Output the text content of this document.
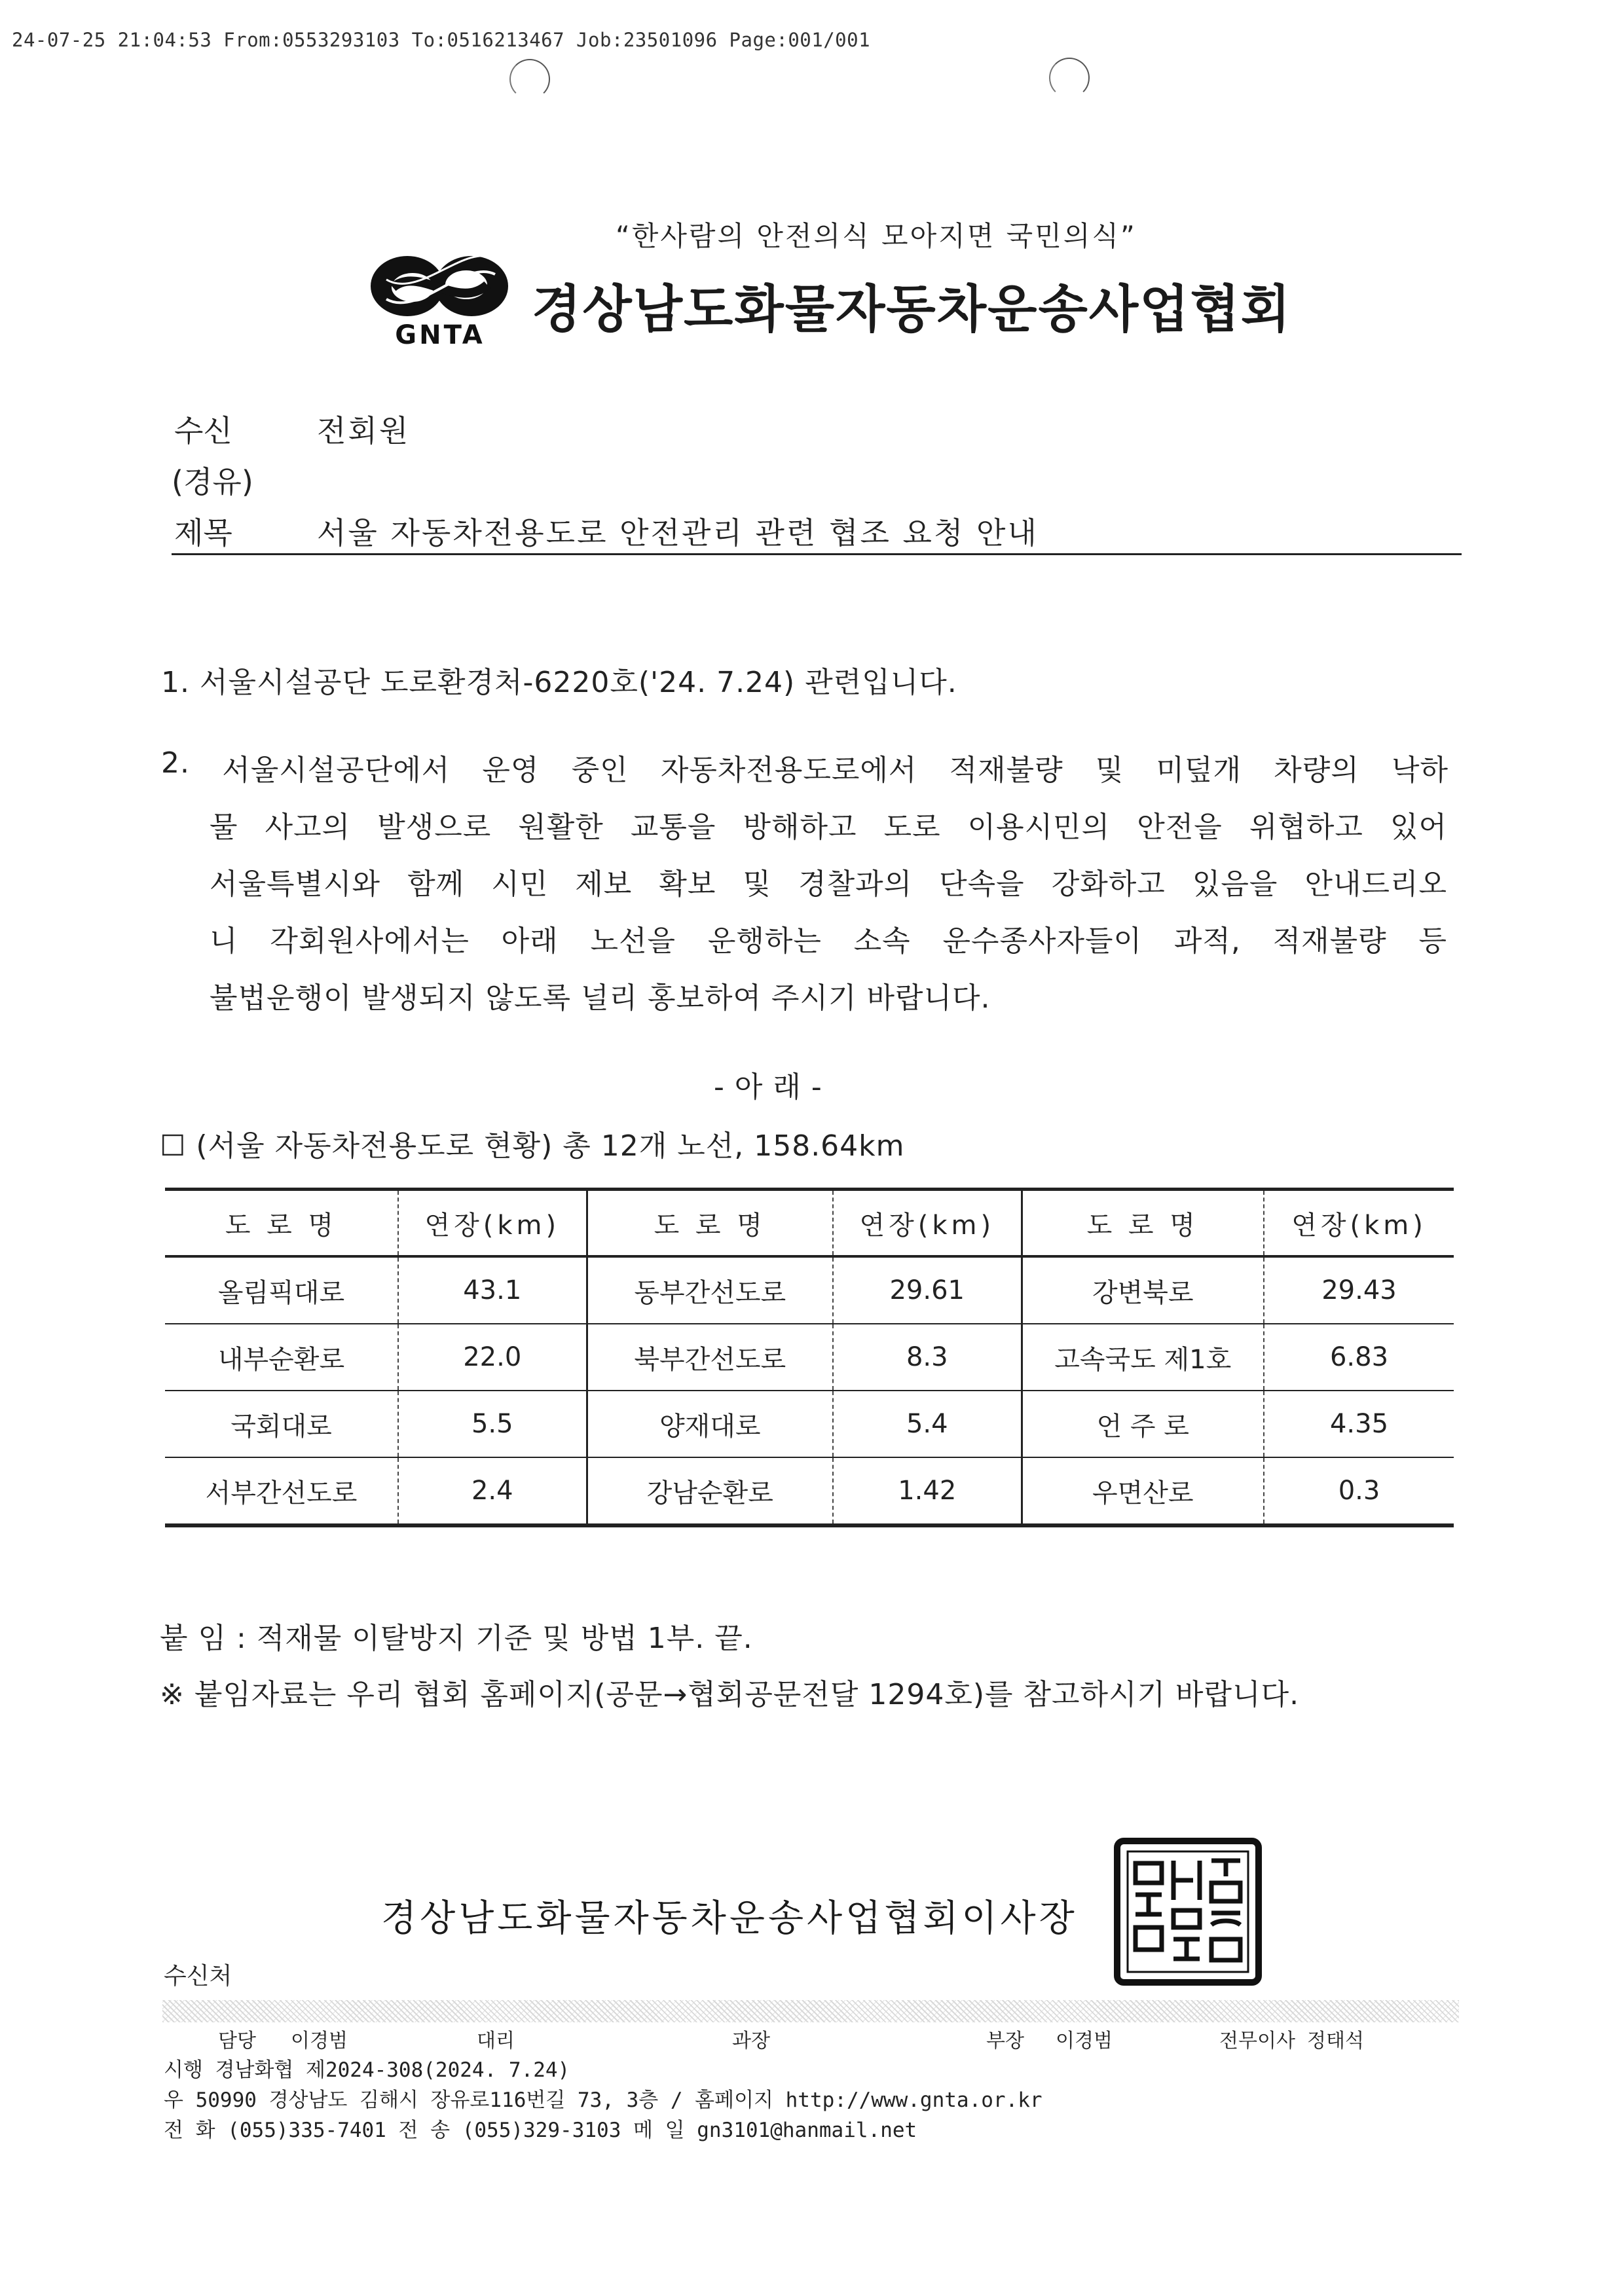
24-07-25 21:04:53 From:0553293103 To:0516213467 Job:23501096 Page:001/001
“한사람의 안전의식 모아지면 국민의식”
GNTA 경상남도화물자동차운송사업협회
수신	전회원
(경유)
제목	서울 자동차전용도로 안전관리 관련 협조 요청 안내
1. 서울시설공단 도로환경처-6220호('24. 7.24) 관련입니다.
2. 서울시설공단에서 운영 중인 자동차전용도로에서 적재불량 및 미덮개 차량의 낙하
물 사고의 발생으로 원활한 교통을 방해하고 도로 이용시민의 안전을 위협하고 있어
서울특별시와 함께 시민 제보 확보 및 경찰과의 단속을 강화하고 있음을 안내드리오
니 각회원사에서는 아래 노선을 운행하는 소속 운수종사자들이 과적, 적재불량 등
불법운행이 발생되지 않도록 널리 홍보하여 주시기 바랍니다.
- 아 래 -
☐ (서울 자동차전용도로 현황) 총 12개 노선, 158.64km
도 로 명	연장(km)	도 로 명	연장(km)	도 로 명	연장(km)
올림픽대로	43.1	동부간선도로	29.61	강변북로	29.43
내부순환로	22.0	북부간선도로	8.3	고속국도 제1호	6.83
국회대로	5.5	양재대로	5.4	언 주 로	4.35
서부간선도로	2.4	강남순환로	1.42	우면산로	0.3
붙 임 : 적재물 이탈방지 기준 및 방법 1부. 끝.
※ 붙임자료는 우리 협회 홈페이지(공문→협회공문전달 1294호)를 참고하시기 바랍니다.
경상남도화물자동차운송사업협회이사장
수신처
담당 이경범	대리	과장	부장 이경범	전무이사 정태석
시행 경남화협 제2024-308(2024. 7.24)
우 50990 경상남도 김해시 장유로116번길 73, 3층 / 홈페이지 http://www.gnta.or.kr
전 화 (055)335-7401 전 송 (055)329-3103 메 일 gn3101@hanmail.net
